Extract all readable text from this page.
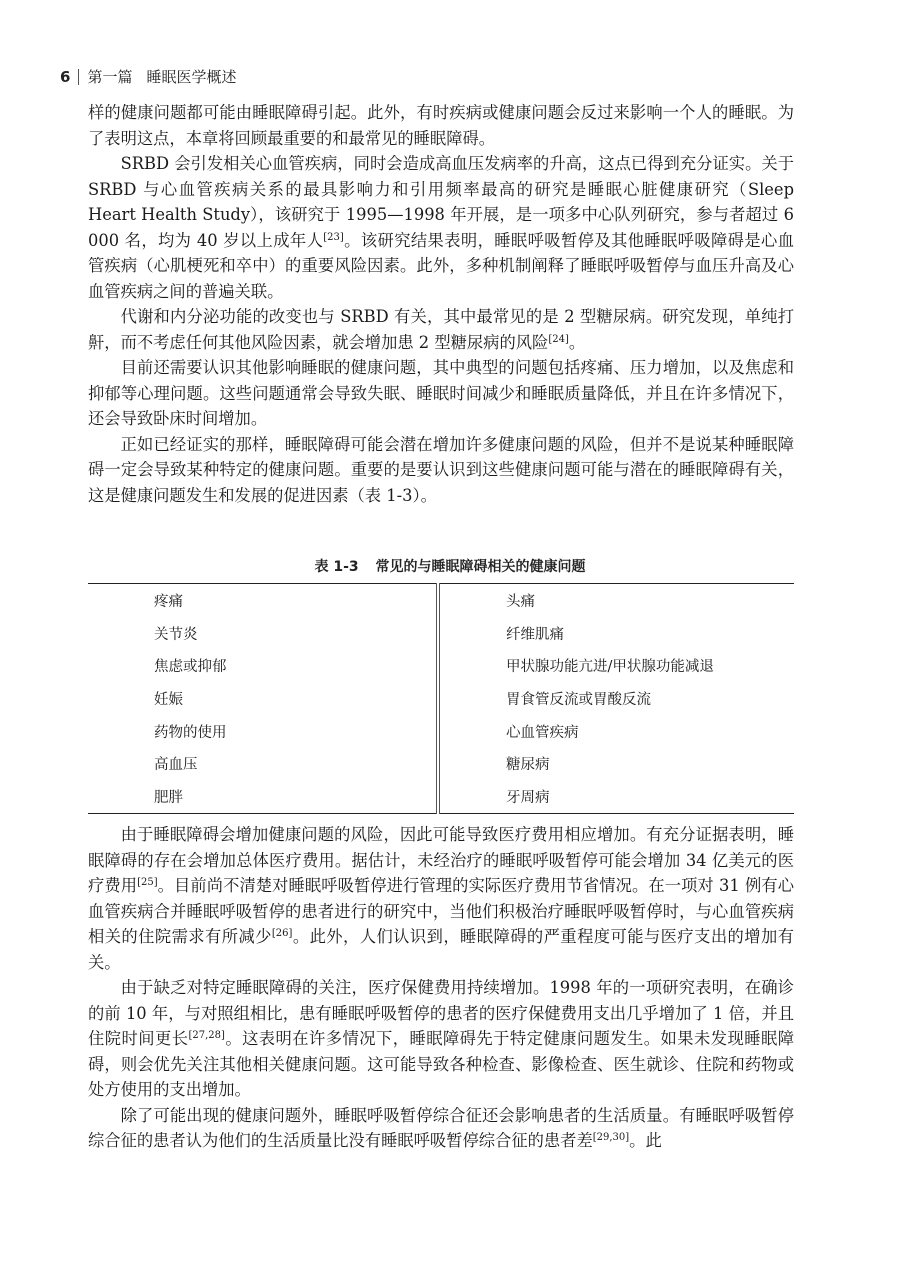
6 第一篇 睡眠医学概述

样的健康问题都可能由睡眠障碍引起。此外，有时疾病或健康问题会反过来影响一个人的睡眠。为了表明这点，本章将回顾最重要的和最常见的睡眠障碍。

SRBD 会引发相关心血管疾病，同时会造成高血压发病率的升高，这点已得到充分证实。关于 SRBD 与心血管疾病关系的最具影响力和引用频率最高的研究是睡眠心脏健康研究（Sleep Heart Health Study），该研究于 1995—1998 年开展，是一项多中心队列研究，参与者超过 6 000 名，均为 40 岁以上成年人[23]。该研究结果表明，睡眠呼吸暂停及其他睡眠呼吸障碍是心血管疾病（心肌梗死和卒中）的重要风险因素。此外，多种机制阐释了睡眠呼吸暂停与血压升高及心血管疾病之间的普遍关联。

代谢和内分泌功能的改变也与 SRBD 有关，其中最常见的是 2 型糖尿病。研究发现，单纯打鼾，而不考虑任何其他风险因素，就会增加患 2 型糖尿病的风险[24]。

目前还需要认识其他影响睡眠的健康问题，其中典型的问题包括疼痛、压力增加，以及焦虑和抑郁等心理问题。这些问题通常会导致失眠、睡眠时间减少和睡眠质量降低，并且在许多情况下，还会导致卧床时间增加。

正如已经证实的那样，睡眠障碍可能会潜在增加许多健康问题的风险，但并不是说某种睡眠障碍一定会导致某种特定的健康问题。重要的是要认识到这些健康问题可能与潜在的睡眠障碍有关，这是健康问题发生和发展的促进因素（表 1-3）。

表 1-3 常见的与睡眠障碍相关的健康问题
疼痛	头痛
关节炎	纤维肌痛
焦虑或抑郁	甲状腺功能亢进/甲状腺功能减退
妊娠	胃食管反流或胃酸反流
药物的使用	心血管疾病
高血压	糖尿病
肥胖	牙周病

由于睡眠障碍会增加健康问题的风险，因此可能导致医疗费用相应增加。有充分证据表明，睡眠障碍的存在会增加总体医疗费用。据估计，未经治疗的睡眠呼吸暂停可能会增加 34 亿美元的医疗费用[25]。目前尚不清楚对睡眠呼吸暂停进行管理的实际医疗费用节省情况。在一项对 31 例有心血管疾病合并睡眠呼吸暂停的患者进行的研究中，当他们积极治疗睡眠呼吸暂停时，与心血管疾病相关的住院需求有所减少[26]。此外，人们认识到，睡眠障碍的严重程度可能与医疗支出的增加有关。

由于缺乏对特定睡眠障碍的关注，医疗保健费用持续增加。1998 年的一项研究表明，在确诊的前 10 年，与对照组相比，患有睡眠呼吸暂停的患者的医疗保健费用支出几乎增加了 1 倍，并且住院时间更长[27,28]。这表明在许多情况下，睡眠障碍先于特定健康问题发生。如果未发现睡眠障碍，则会优先关注其他相关健康问题。这可能导致各种检查、影像检查、医生就诊、住院和药物或处方使用的支出增加。

除了可能出现的健康问题外，睡眠呼吸暂停综合征还会影响患者的生活质量。有睡眠呼吸暂停综合征的患者认为他们的生活质量比没有睡眠呼吸暂停综合征的患者差[29,30]。此
